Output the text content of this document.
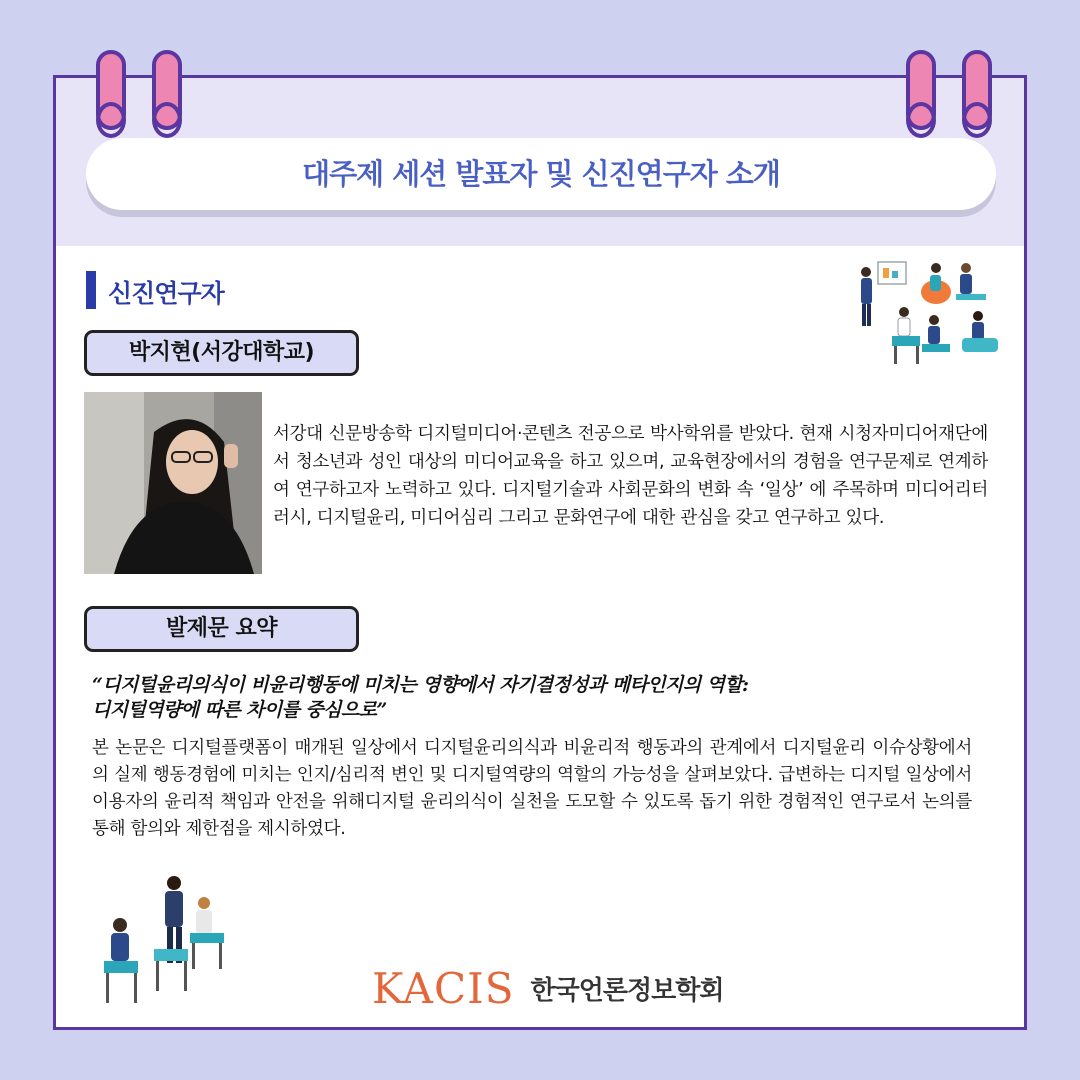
대주제 세션 발표자 및 신진연구자 소개
신진연구자
박지현(서강대학교)

서강대 신문방송학 디지털미디어·콘텐츠 전공으로 박사학위를 받았다. 현재 시청자미디어재단에서 청소년과 성인 대상의 미디어교육을 하고 있으며, 교육현장에서의 경험을 연구문제로 연계하여 연구하고자 노력하고 있다. 디지털기술과 사회문화의 변화 속 ‘일상’ 에 주목하며 미디어리터러시, 디지털윤리, 미디어심리 그리고 문화연구에 대한 관심을 갖고 연구하고 있다.

발제문 요약
“디지털윤리의식이 비윤리행동에 미치는 영향에서 자기결정성과 메타인지의 역할:
디지털역량에 따른 차이를 중심으로”

본 논문은 디지털플랫폼이 매개된 일상에서 디지털윤리의식과 비윤리적 행동과의 관계에서 디지털윤리 이슈상황에서의 실제 행동경험에 미치는 인지/심리적 변인 및 디지털역량의 역할의 가능성을 살펴보았다. 급변하는 디지털 일상에서 이용자의 윤리적 책임과 안전을 위해디지털 윤리의식이 실천을 도모할 수 있도록 돕기 위한 경험적인 연구로서 논의를 통해 함의와 제한점을 제시하였다.

KACIS 한국언론정보학회
